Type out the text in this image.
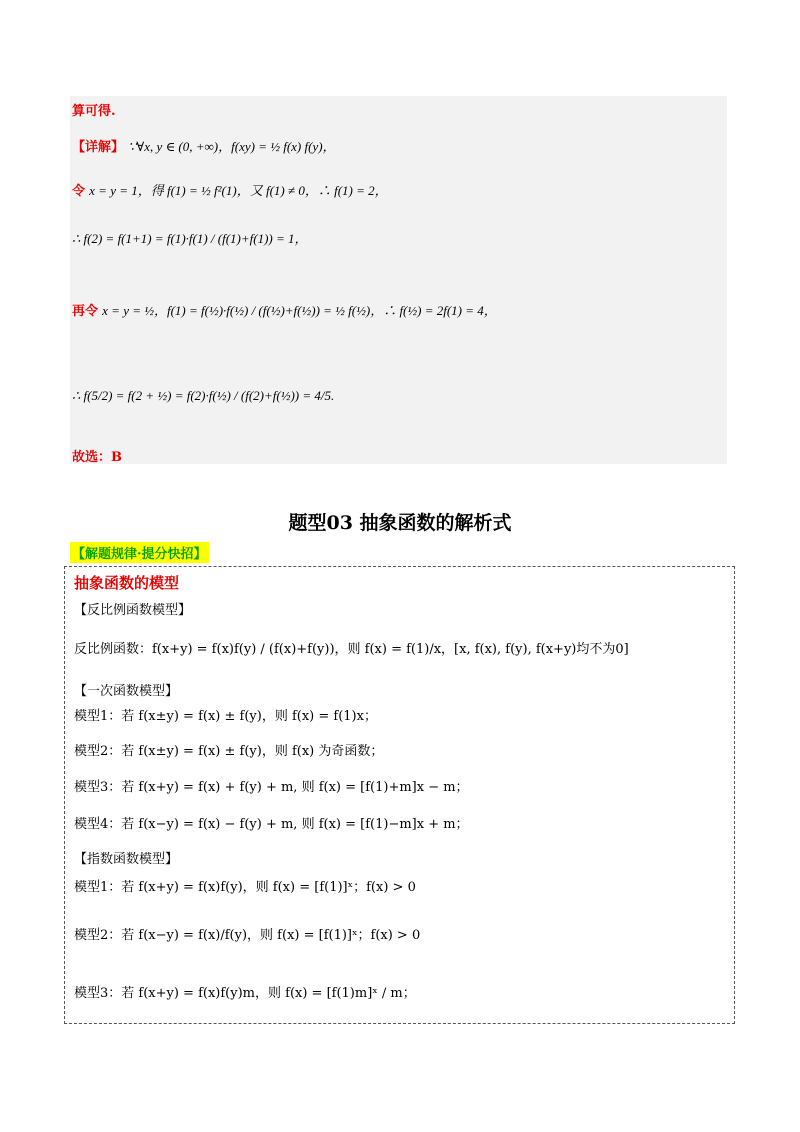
算可得.
【详解】 ∵∀x, y ∈ (0, +∞)，f(xy) = ½ f(x) f(y)，
令 x = y = 1，得 f(1) = ½ f²(1)，又 f(1) ≠ 0，∴ f(1) = 2，
∴ f(2) = f(1+1) = f(1)·f(1) / (f(1)+f(1)) = 1，
再令 x = y = ½，f(1) = f(½)·f(½) / (f(½)+f(½)) = ½ f(½)，∴ f(½) = 2f(1) = 4，
∴ f(5/2) = f(2 + ½) = f(2)·f(½) / (f(2)+f(½)) = 4/5.
故选：B
题型03 抽象函数的解析式
【解题规律·提分快招】
抽象函数的模型
【反比例函数模型】
反比例函数：f(x+y) = f(x)f(y) / (f(x)+f(y))，则 f(x) = f(1)/x，[x, f(x), f(y), f(x+y)均不为0]
【一次函数模型】
模型1：若 f(x±y) = f(x) ± f(y)，则 f(x) = f(1)x；
模型2：若 f(x±y) = f(x) ± f(y)，则 f(x) 为奇函数；
模型3：若 f(x+y) = f(x) + f(y) + m, 则 f(x) = [f(1)+m]x − m；
模型4：若 f(x−y) = f(x) − f(y) + m, 则 f(x) = [f(1)−m]x + m；
【指数函数模型】
模型1：若 f(x+y) = f(x)f(y)，则 f(x) = [f(1)]ˣ；f(x) > 0
模型2：若 f(x−y) = f(x)/f(y)，则 f(x) = [f(1)]ˣ；f(x) > 0
模型3：若 f(x+y) = f(x)f(y)m，则 f(x) = [f(1)m]ˣ / m；
